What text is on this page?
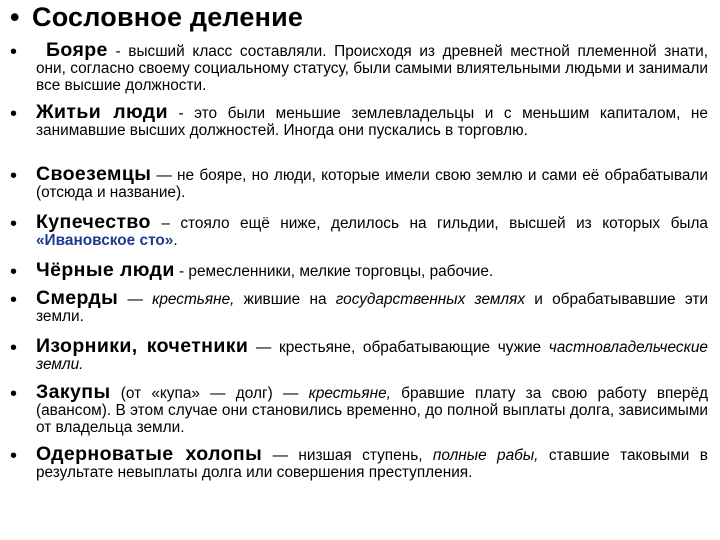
• Сословное деление
•	Бояре - высший класс составляли. Происходя из древней местной племенной знати, они, согласно своему социальному статусу, были самыми влиятельными людьми и занимали все высшие должности.
• Житьи люди - это были меньшие землевладельцы и с меньшим капиталом, не занимавшие высших должностей. Иногда они пускались в торговлю.
• Своеземцы — не бояре, но люди, которые имели свою землю и сами её обрабатывали (отсюда и название).
• Купечество – стояло ещё ниже, делилось на гильдии, высшей из которых была «Ивановское сто».
• Чёрные люди - ремесленники, мелкие торговцы, рабочие.
• Смерды — крестьяне, жившие на государственных землях и обрабатывавшие эти земли.
• Изорники, кочетники — крестьяне, обрабатывающие чужие частновладельческие земли.
• Закупы (от «купа» — долг) — крестьяне, бравшие плату за свою работу вперёд (авансом). В этом случае они становились временно, до полной выплаты долга, зависимыми от владельца земли.
• Одерноватые холопы — низшая ступень, полные рабы, ставшие таковыми в результате невыплаты долга или совершения преступления.
